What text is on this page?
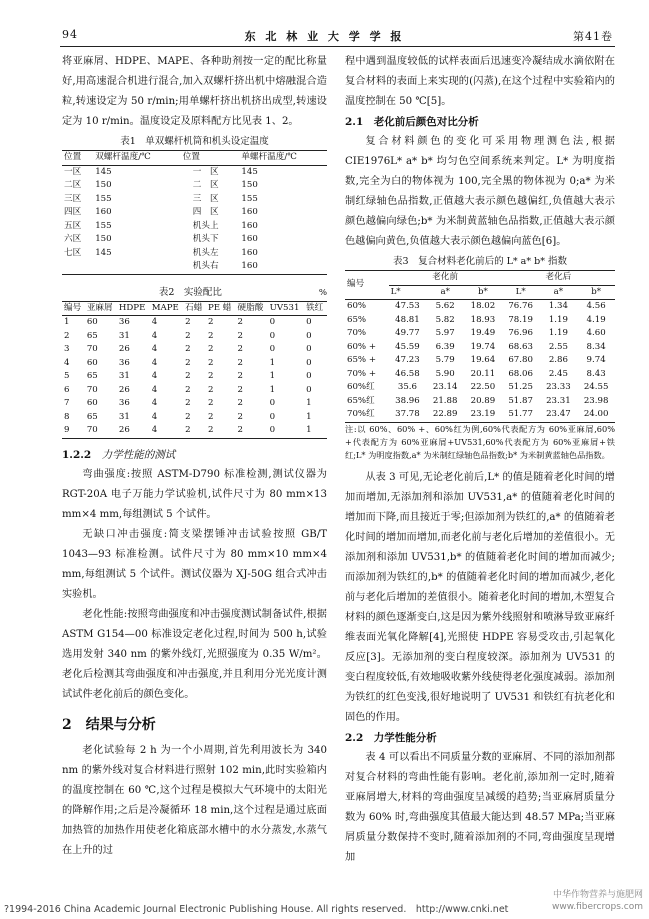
94	东 北 林 业 大 学 学 报	第41卷

将亚麻屑、HDPE、MAPE、各种助剂按一定的配比称量好,用高速混合机进行混合,加入双螺杆挤出机中熔融混合造粒,转速设定为 50 r/min;用单螺杆挤出机挤出成型,转速设定为 10 r/min。温度设定及原料配方比见表 1、2。

表1　单双螺杆机筒和机头设定温度
位置	双螺杆温度/℃	位置	单螺杆温度/℃
一区	145	一　区	145
二区	150	二　区	150
三区	155	三　区	155
四区	160	四　区	160
五区	155	机头上	160
六区	150	机头下	160
七区	145	机头左	160
		机头右	160
表2　实验配比	%
编号	亚麻屑	HDPE	MAPE	石蜡	PE 蜡	硬脂酸	UV531	铁红
1	60	36	4	2	2	2	0	0
2	65	31	4	2	2	2	0	0
3	70	26	4	2	2	2	0	0
4	60	36	4	2	2	2	1	0
5	65	31	4	2	2	2	1	0
6	70	26	4	2	2	2	1	0
7	60	36	4	2	2	2	0	1
8	65	31	4	2	2	2	0	1
9	70	26	4	2	2	2	0	1
1.2.2　 力学性能的测试

弯曲强度:按照 ASTM-D790 标准检测,测试仪器为 RGT-20A 电子万能力学试验机,试件尺寸为 80 mm×13 mm×4 mm,每组测试 5 个试件。

无缺口冲击强度:简支梁摆锤冲击试验按照 GB/T 1043—93 标准检测。试件尺寸为 80 mm×10 mm×4 mm,每组测试 5 个试件。测试仪器为 XJ-50G 组合式冲击实验机。

老化性能:按照弯曲强度和冲击强度测试制备试件,根据 ASTM G154—00 标准设定老化过程,时间为 500 h,试验选用发射 340 nm 的紫外线灯,光照强度为 0.35 W/m²。老化后检测其弯曲强度和冲击强度,并且利用分光光度计测试试件老化前后的颜色变化。

2　 结果与分析

老化试验每 2 h 为一个小周期,首先利用波长为 340 nm 的紫外线对复合材料进行照射 102 min,此时实验箱内的温度控制在 60 ℃,这个过程是模拟大气环境中的太阳光的降解作用;之后是冷凝循环 18 min,这个过程是通过底面加热管的加热作用使老化箱底部水槽中的水分蒸发,水蒸气在上升的过

程中遇到温度较低的试样表面后迅速变冷凝结成水滴依附在复合材料的表面上来实现的(闪蒸),在这个过程中实验箱内的温度控制在 50 ℃[5]。

2.1　 老化前后颜色对比分析

复合材料颜色的变化可采用物理测色法,根据 CIE1976L* a* b* 均匀色空间系统来判定。L* 为明度指数,完全为白的物体视为 100,完全黑的物体视为 0;a* 为米制红绿轴色品指数,正值越大表示颜色越偏红,负值越大表示颜色越偏向绿色;b* 为米制黄蓝轴色品指数,正值越大表示颜色越偏向黄色,负值越大表示颜色越偏向蓝色[6]。

表3　复合材料老化前后的 L* a* b* 指数
编号	老化前			老化后		
	L*	a*	b*	L*	a*	b*
60%	47.53	5.62	18.02	76.76	1.34	4.56
65%	48.81	5.82	18.93	78.19	1.19	4.19
70%	49.77	5.97	19.49	76.96	1.19	4.60
60% +	45.59	6.39	19.74	68.63	2.55	8.34
65% +	47.23	5.79	19.64	67.80	2.86	9.74
70% +	46.58	5.90	20.11	68.06	2.45	8.43
60%红	35.6	23.14	22.50	51.25	23.33	24.55
65%红	38.96	21.88	20.89	51.87	23.31	23.98
70%红	37.78	22.89	23.19	51.77	23.47	24.00
注:以 60%、60% +、60%红为例,60%代表配方为 60%亚麻屑,60% +代表配方为 60%亚麻屑+UV531,60%代表配方为 60%亚麻屑+铁红;L* 为明度指数,a* 为米制红绿轴色品指数;b* 为米制黄蓝轴色品指数。

从表 3 可见,无论老化前后,L* 的值是随着老化时间的增加而增加,无添加剂和添加 UV531,a* 的值随着老化时间的增加而下降,而且接近于零;但添加剂为铁红的,a* 的值随着老化时间的增加而增加,而老化前与老化后增加的差值很小。无添加剂和添加 UV531,b* 的值随着老化时间的增加而减少;而添加剂为铁红的,b* 的值随着老化时间的增加而减少,老化前与老化后增加的差值很小。随着老化时间的增加,木塑复合材料的颜色逐渐变白,这是因为紫外线照射和喷淋导致亚麻纤维表面光氧化降解[4],光照使 HDPE 容易受攻击,引起氧化反应[3]。无添加剂的变白程度较深。添加剂为 UV531 的变白程度较低,有效地吸收紫外线使得老化强度减弱。添加剂为铁红的红色变浅,很好地说明了 UV531 和铁红有抗老化和固色的作用。

2.2　 力学性能分析

表 4 可以看出不同质量分数的亚麻屑、不同的添加剂都对复合材料的弯曲性能有影响。老化前,添加剂一定时,随着亚麻屑增大,材料的弯曲强度呈减缓的趋势;当亚麻屑质量分数为 60% 时,弯曲强度其值最大能达到 48.57 MPa;当亚麻屑质量分数保持不变时,随着添加剂的不同,弯曲强度呈现增加

?1994-2016 China Academic Journal Electronic Publishing House. All rights reserved.　http://www.cnki.net
中华作物营养与施肥网
www.fibercrops.com
